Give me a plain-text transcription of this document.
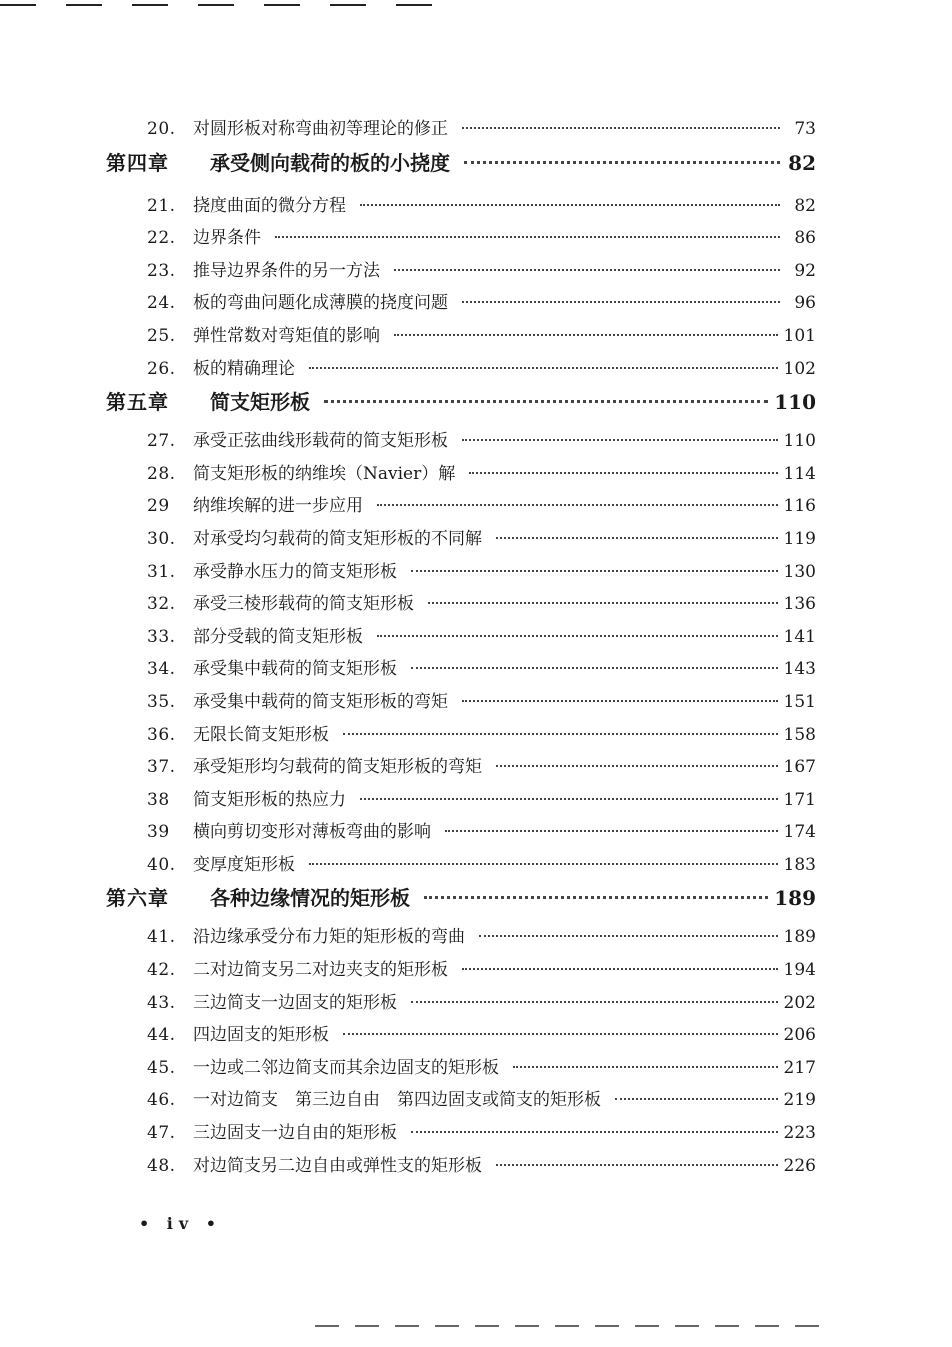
20.	对圆形板对称弯曲初等理论的修正	73
第四章	承受侧向载荷的板的小挠度	82
21.	挠度曲面的微分方程	82
22.	边界条件	86
23.	推导边界条件的另一方法	92
24.	板的弯曲问题化成薄膜的挠度问题	96
25.	弹性常数对弯矩值的影响	101
26.	板的精确理论	102
第五章	简支矩形板	110
27.	承受正弦曲线形载荷的简支矩形板	110
28.	简支矩形板的纳维埃（Navier）解	114
29	纳维埃解的进一步应用	116
30.	对承受均匀载荷的简支矩形板的不同解	119
31.	承受静水压力的简支矩形板	130
32.	承受三棱形载荷的简支矩形板	136
33.	部分受载的简支矩形板	141
34.	承受集中载荷的简支矩形板	143
35.	承受集中载荷的简支矩形板的弯矩	151
36.	无限长简支矩形板	158
37.	承受矩形均匀载荷的简支矩形板的弯矩	167
38	简支矩形板的热应力	171
39	横向剪切变形对薄板弯曲的影响	174
40.	变厚度矩形板	183
第六章	各种边缘情况的矩形板	189
41.	沿边缘承受分布力矩的矩形板的弯曲	189
42.	二对边简支另二对边夹支的矩形板	194
43.	三边简支一边固支的矩形板	202
44.	四边固支的矩形板	206
45.	一边或二邻边简支而其余边固支的矩形板	217
46.	一对边简支　第三边自由　第四边固支或简支的矩形板	219
47.	三边固支一边自由的矩形板	223
48.	对边简支另二边自由或弹性支的矩形板	226
• iv •
